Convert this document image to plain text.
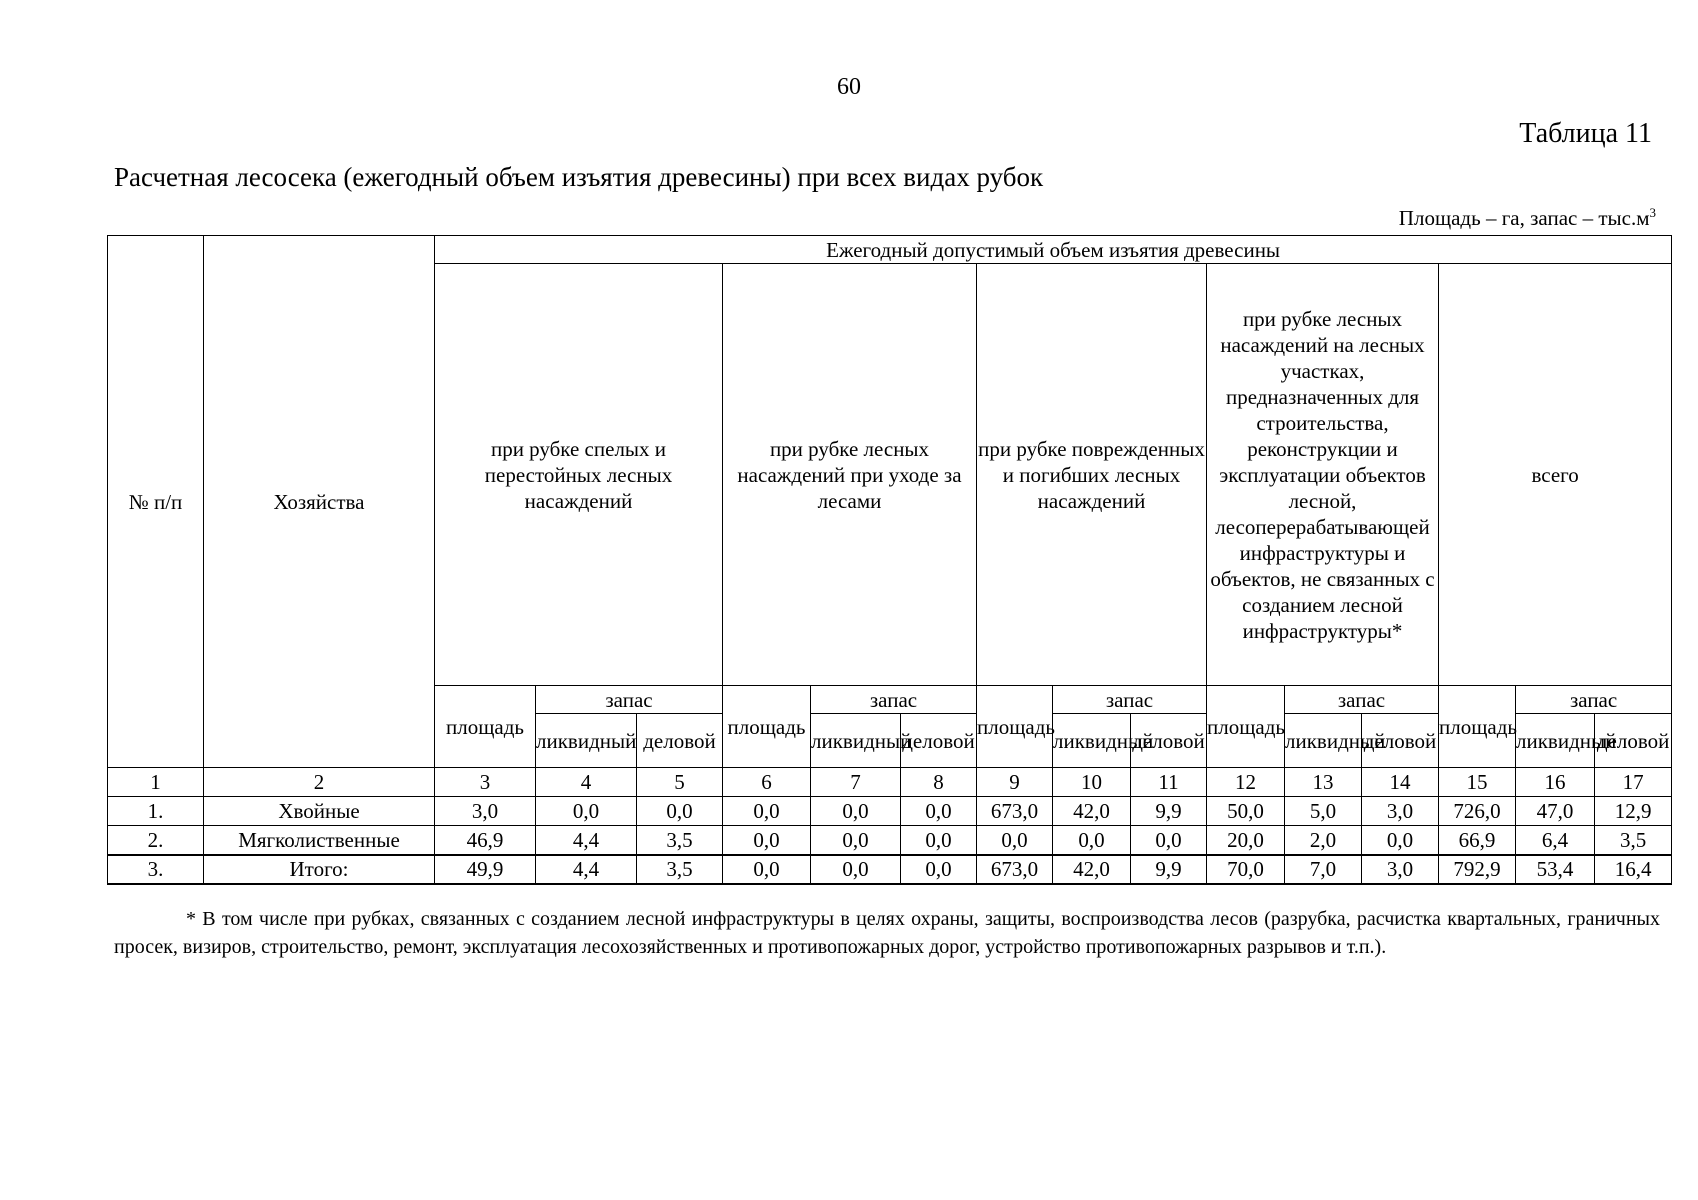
60
Таблица 11
Расчетная лесосека (ежегодный объем изъятия древесины) при всех видах рубок
Площадь – га, запас – $тыс.м^3$
№ п/п	Хозяйства	Ежегодный допустимый объем изъятия древесины														
		при рубке спелых и перестойных лесных насаждений			при рубке лесных насаждений при уходе за лесами			при рубке поврежденных и погибших лесных насаждений			при рубке лесных насаждений на лесных участках, предназначенных для строительства, реконструкции и эксплуатации объектов лесной, лесоперерабатывающей инфраструктуры и объектов, не связанных с созданием лесной инфраструктуры*			всего		
		площадь	запас		площадь	запас		площадь	запас		площадь	запас		площадь	запас	
			ликвидный	деловой		ликвидный	деловой		ликвидный	деловой		ликвидный	деловой		ликвидный	деловой
1	2	3	4	5	6	7	8	9	10	11	12	13	14	15	16	17
1.	Хвойные	3,0	0,0	0,0	0,0	0,0	0,0	673,0	42,0	9,9	50,0	5,0	3,0	726,0	47,0	12,9
2.	Мягколиственные	46,9	4,4	3,5	0,0	0,0	0,0	0,0	0,0	0,0	20,0	2,0	0,0	66,9	6,4	3,5
3.	Итого:	49,9	4,4	3,5	0,0	0,0	0,0	673,0	42,0	9,9	70,0	7,0	3,0	792,9	53,4	16,4
* В том числе при рубках, связанных с созданием лесной инфраструктуры в целях охраны, защиты, воспроизводства лесов (разрубка, расчистка квартальных, граничных просек, визиров, строительство, ремонт, эксплуатация лесохозяйственных и противопожарных дорог, устройство противопожарных разрывов и т.п.).
